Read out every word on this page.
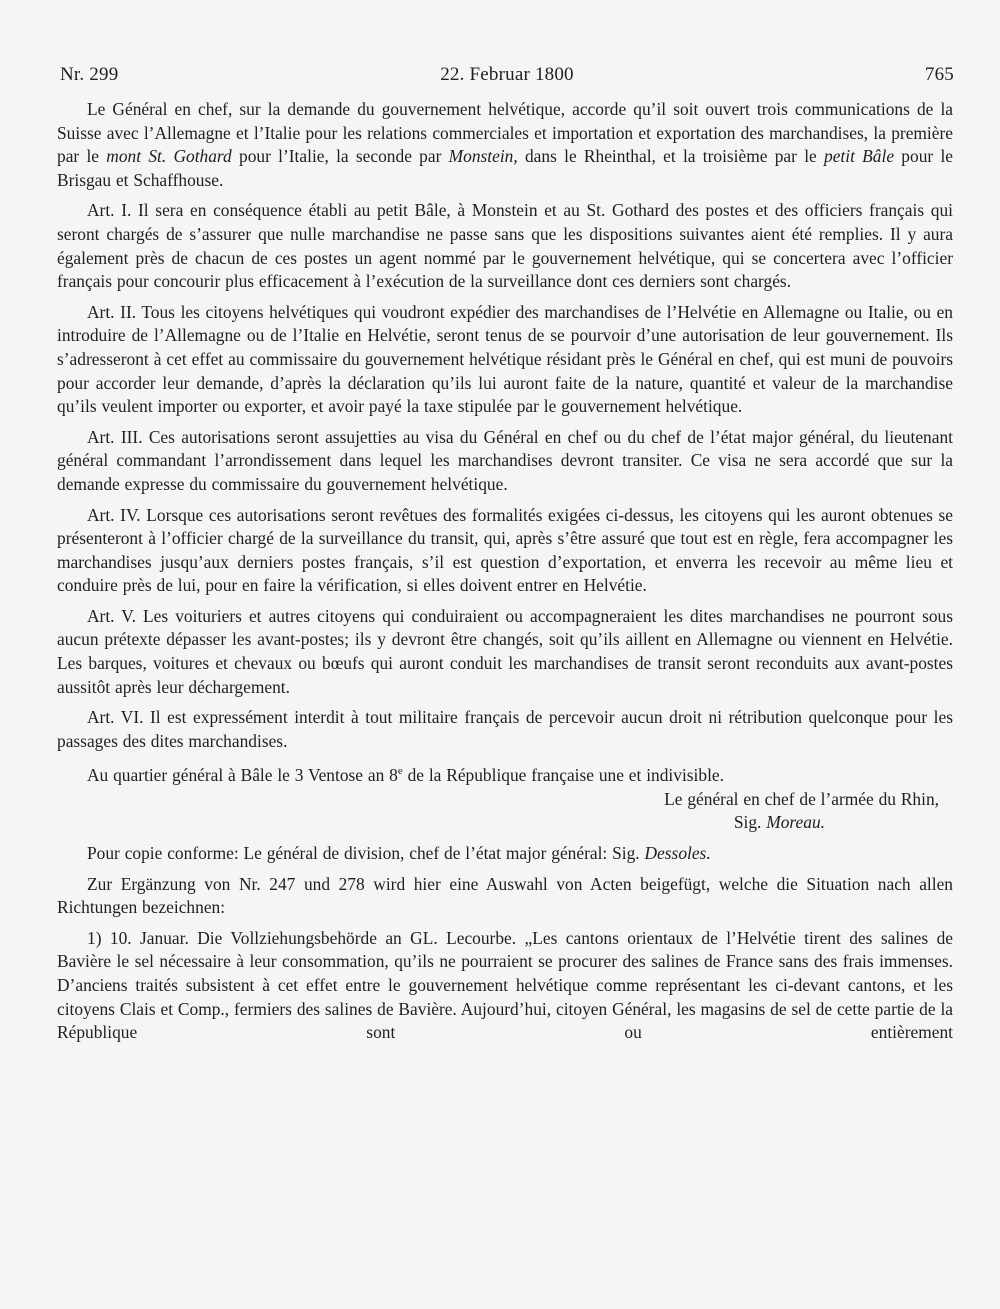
22. Februar 1800
Nr. 299	765

Le Général en chef, sur la demande du gouvernement helvétique, accorde qu’il soit ouvert trois communications de la Suisse avec l’Allemagne et l’Italie pour les relations commerciales et importation et exportation des marchandises, la première par le mont St. Gothard pour l’Italie, la seconde par Monstein, dans le Rheinthal, et la troisième par le petit Bâle pour le Brisgau et Schaffhouse.

Art. I. Il sera en conséquence établi au petit Bâle, à Monstein et au St. Gothard des postes et des officiers français qui seront chargés de s’assurer que nulle marchandise ne passe sans que les dispositions suivantes aient été remplies. Il y aura également près de chacun de ces postes un agent nommé par le gouvernement helvétique, qui se concertera avec l’officier français pour concourir plus efficacement à l’exécution de la surveillance dont ces derniers sont chargés.

Art. II. Tous les citoyens helvétiques qui voudront expédier des marchandises de l’Helvétie en Allemagne ou Italie, ou en introduire de l’Allemagne ou de l’Italie en Helvétie, seront tenus de se pourvoir d’une autorisation de leur gouvernement. Ils s’adresseront à cet effet au commissaire du gouvernement helvétique résidant près le Général en chef, qui est muni de pouvoirs pour accorder leur demande, d’après la déclaration qu’ils lui auront faite de la nature, quantité et valeur de la marchandise qu’ils veulent importer ou exporter, et avoir payé la taxe stipulée par le gouvernement helvétique.

Art. III. Ces autorisations seront assujetties au visa du Général en chef ou du chef de l’état major général, du lieutenant général commandant l’arrondissement dans lequel les marchandises devront transiter. Ce visa ne sera accordé que sur la demande expresse du commissaire du gouvernement helvétique.

Art. IV. Lorsque ces autorisations seront revêtues des formalités exigées ci-dessus, les citoyens qui les auront obtenues se présenteront à l’officier chargé de la surveillance du transit, qui, après s’être assuré que tout est en règle, fera accompagner les marchandises jusqu’aux derniers postes français, s’il est question d’exportation, et enverra les recevoir au même lieu et conduire près de lui, pour en faire la vérification, si elles doivent entrer en Helvétie.

Art. V. Les voituriers et autres citoyens qui conduiraient ou accompagneraient les dites marchandises ne pourront sous aucun prétexte dépasser les avant-postes; ils y devront être changés, soit qu’ils aillent en Allemagne ou viennent en Helvétie. Les barques, voitures et chevaux ou bœufs qui auront conduit les marchandises de transit seront reconduits aux avant-postes aussitôt après leur déchargement.

Art. VI. Il est expressément interdit à tout militaire français de percevoir aucun droit ni rétribution quelconque pour les passages des dites marchandises.

Au quartier général à Bâle le 3 Ventose an 8e de la République française une et indivisible.

Le général en chef de l’armée du Rhin,

Sig. Moreau.

Pour copie conforme: Le général de division, chef de l’état major général: Sig. Dessoles.

Zur Ergänzung von Nr. 247 und 278 wird hier eine Auswahl von Acten beigefügt, welche die Situation nach allen Richtungen bezeichnen:

1) 10. Januar. Die Vollziehungsbehörde an GL. Lecourbe. „Les cantons orientaux de l’Helvétie tirent des salines de Bavière le sel nécessaire à leur consommation, qu’ils ne pourraient se procurer des salines de France sans des frais immenses. D’anciens traités subsistent à cet effet entre le gouvernement helvétique comme représentant les ci-devant cantons, et les citoyens Clais et Comp., fermiers des salines de Bavière. Aujourd’hui, citoyen Général, les magasins de sel de cette partie de la République sont ou entièrement
